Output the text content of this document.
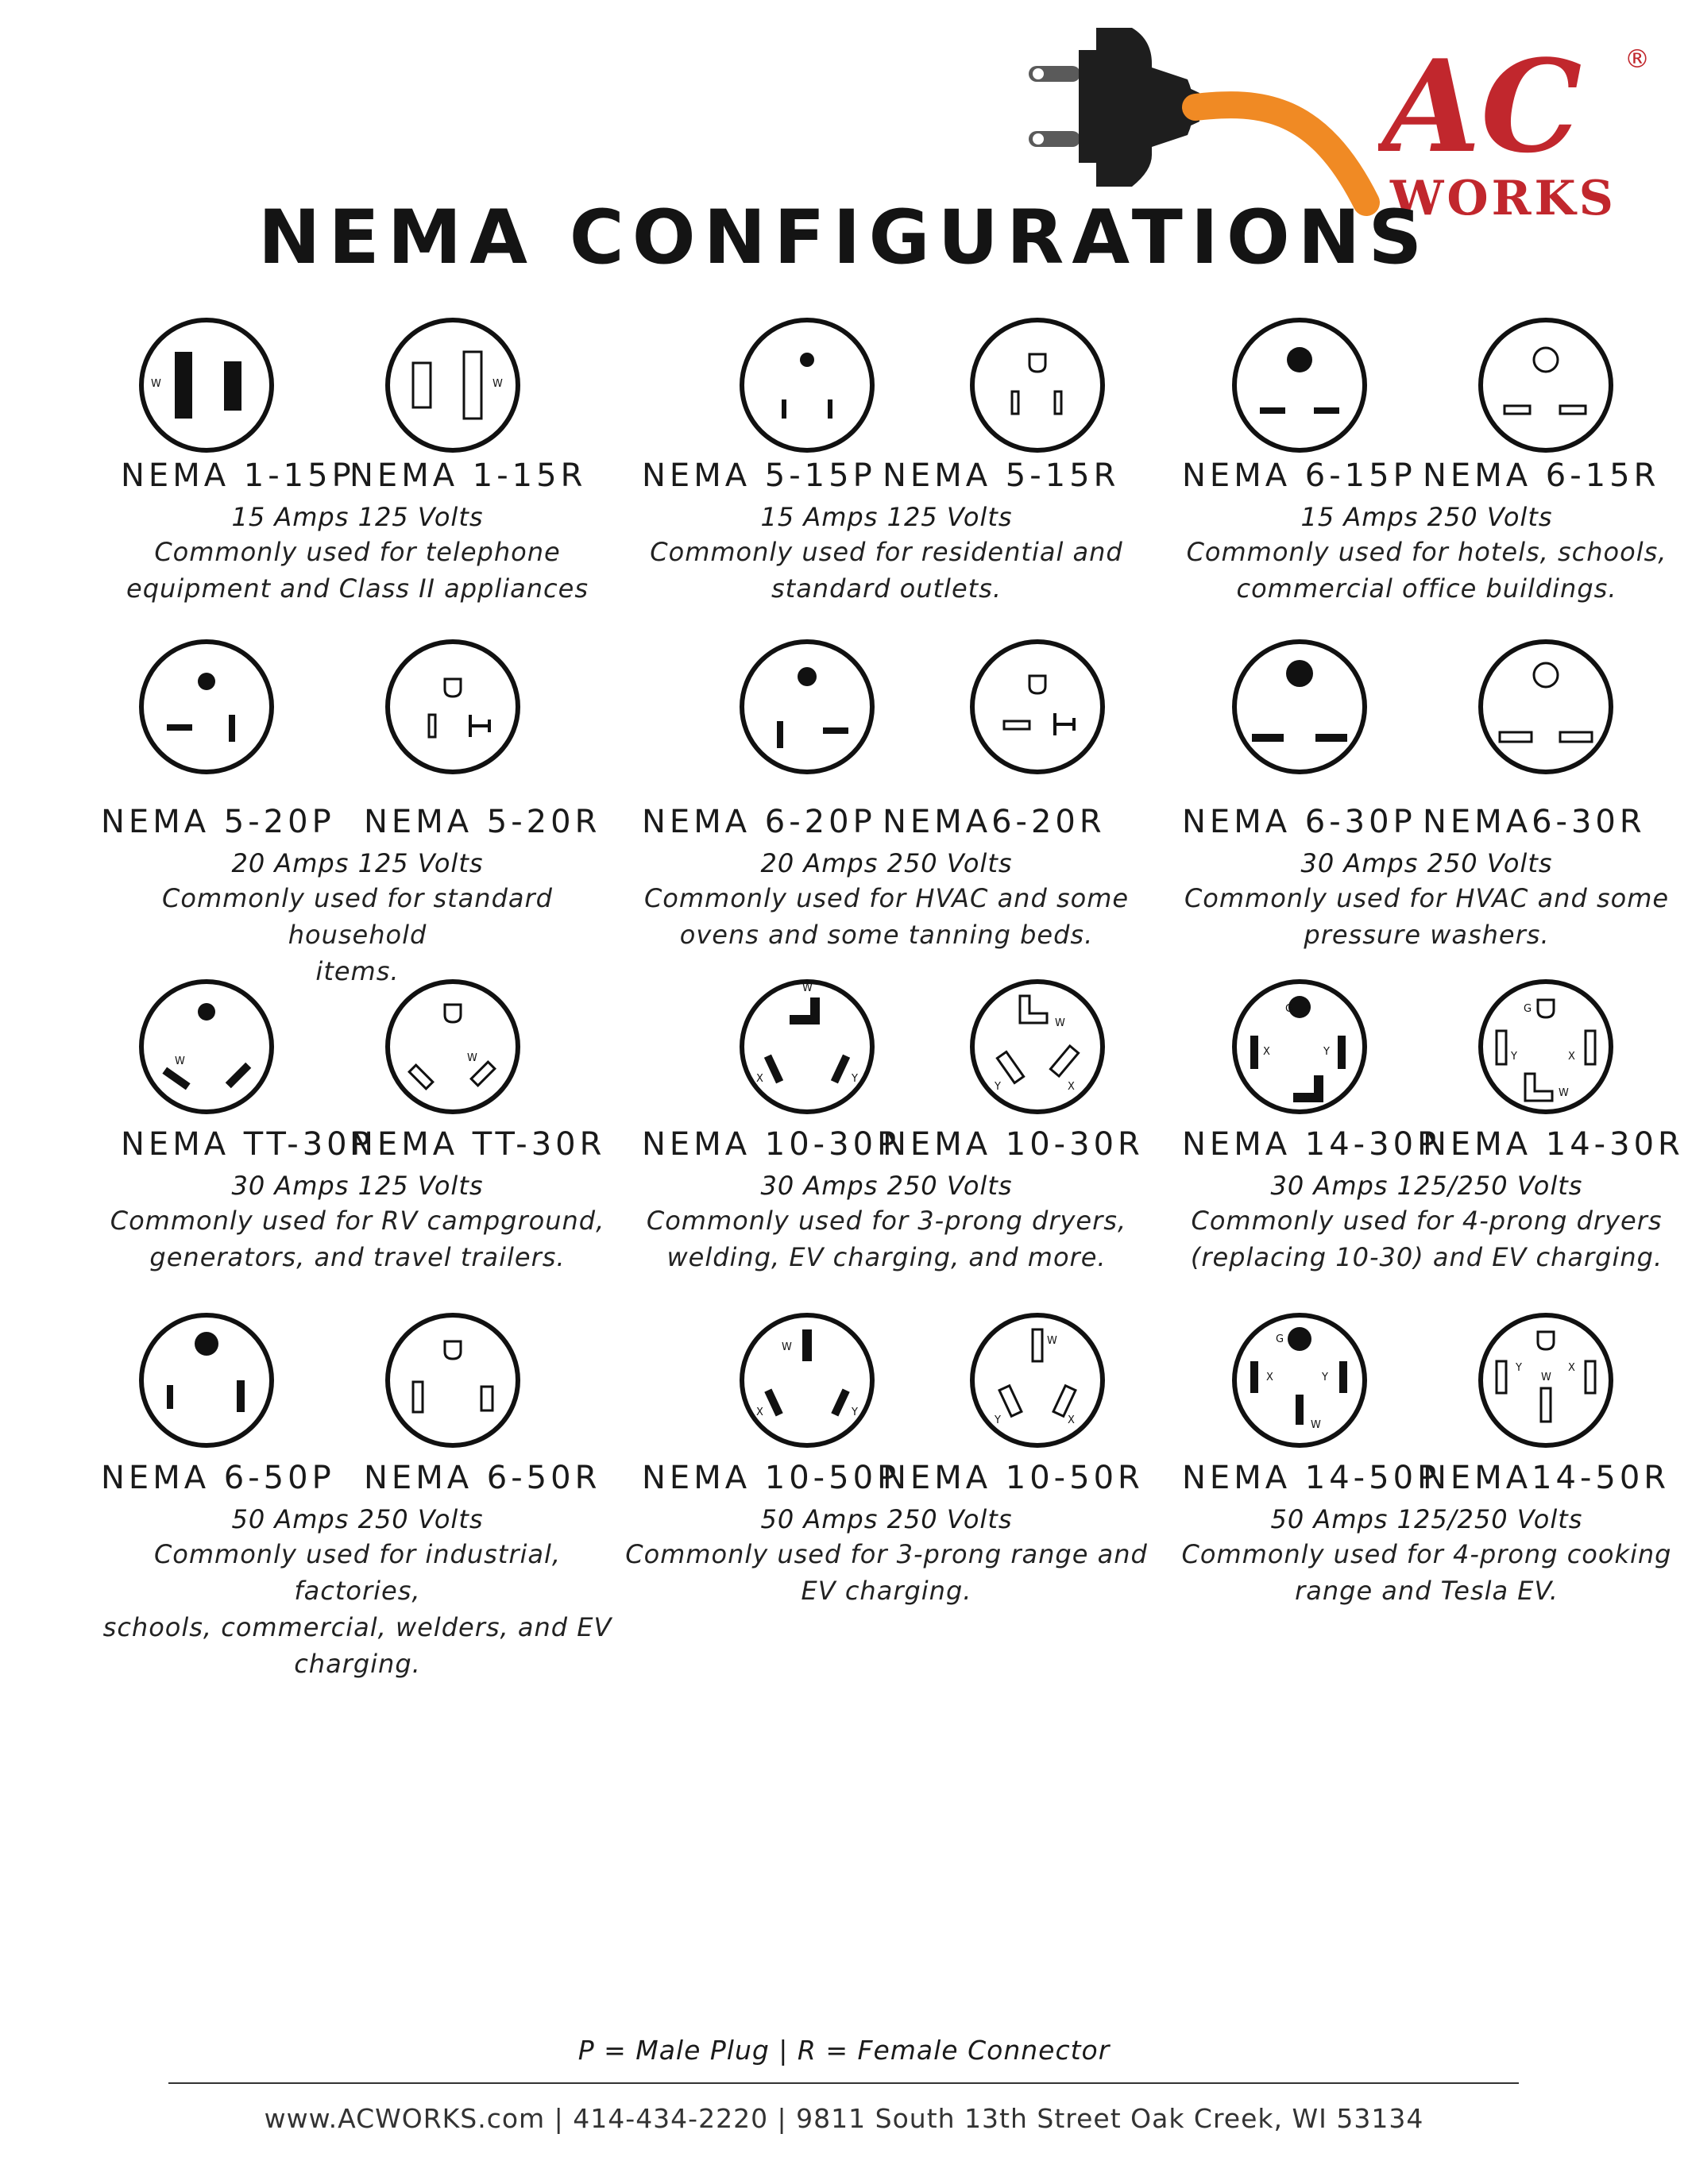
AC
WORKS
®
NEMA CONFIGURATIONS
W	W
NEMA 1-15P
NEMA 1-15R
15 Amps 125 Volts
Commonly used for telephone
equipment and Class II appliances
NEMA 5-15P NEMA 5-15R
15 Amps 125 Volts
Commonly used for residential and
standard outlets.
NEMA 6-15P NEMA 6-15R
15 Amps 250 Volts
Commonly used for hotels, schools,
commercial office buildings.
NEMA 5-20P NEMA 5-20R
20 Amps 125 Volts
Commonly used for standard household
items.
NEMA 6-20P NEMA6-20R
20 Amps 250 Volts
Commonly used for HVAC and some
ovens and some tanning beds.
NEMA 6-30P NEMA6-30R
30 Amps 250 Volts
Commonly used for HVAC and some
pressure washers.
W	W
NEMA TT-30P
NEMA TT-30R
30 Amps 125 Volts
Commonly used for RV campground,
generators, and travel trailers.
W
X	Y
W
Y	X
NEMA 10-30P
NEMA 10-30R
30 Amps 250 Volts
Commonly used for 3-prong dryers,
welding, EV charging, and more.
G
X	Y
W
G
Y	X
W
NEMA 14-30P
NEMA 14-30R
30 Amps 125/250 Volts
Commonly used for 4-prong dryers
(replacing 10-30) and EV charging.
NEMA 6-50P NEMA 6-50R
50 Amps 250 Volts
Commonly used for industrial, factories,
schools, commercial, welders, and EV
charging.
W
X	Y
W
Y	X
NEMA 10-50P
NEMA 10-50R
50 Amps 250 Volts
Commonly used for 3-prong range and
EV charging.
G
X	Y
W
Y
W
X
NEMA 14-50P
NEMA14-50R
50 Amps 125/250 Volts
Commonly used for 4-prong cooking
range and Tesla EV.
P = Male Plug | R = Female Connector
www.ACWORKS.com | 414-434-2220 | 9811 South 13th Street Oak Creek, WI 53134
